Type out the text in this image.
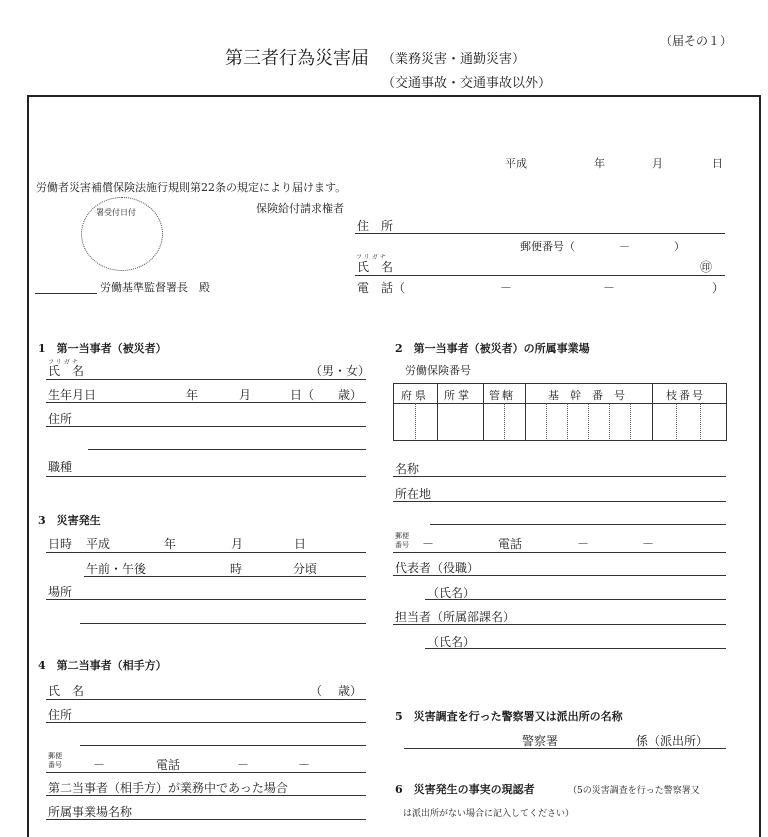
（届その１）
第三者行為災害届 （業務災害・通勤災害）
（交通事故・交通事故以外）
平成	年	月	日
労働者災害補償保険法施行規則第22条の規定により届けます。
署受付日付	保険給付請求権者
住　所
郵便番号（　　　　－　　　　）
フリガナ
氏　名	㊞
電　話（	－	－	）
労働基準監督署長　殿
1　第一当事者（被災者）
フリガナ
氏　名	（男・女）
生年月日	年	月	日（ 歳）
住所
職種
2　第一当事者（被災者）の所属事業場
労働保険番号
府県 所掌 管轄	基　幹　番　号	枝番号
名称
所在地
郵便番号 －	電話	－	－
代表者（役職）
（氏名）
担当者（所属部課名）
（氏名）
3　災害発生
日時 平成	年	月	日
午前・午後	時	分頃
場所
4　第二当事者（相手方）
氏　名	（ 歳）
住所
郵便番号	－	電話	－	－
第二当事者（相手方）が業務中であった場合
所属事業場名称
5　災害調査を行った警察署又は派出所の名称
警察署	係（派出所）
6　災害発生の事実の現認者	（5の災害調査を行った警察署又
は派出所がない場合に記入してください）
